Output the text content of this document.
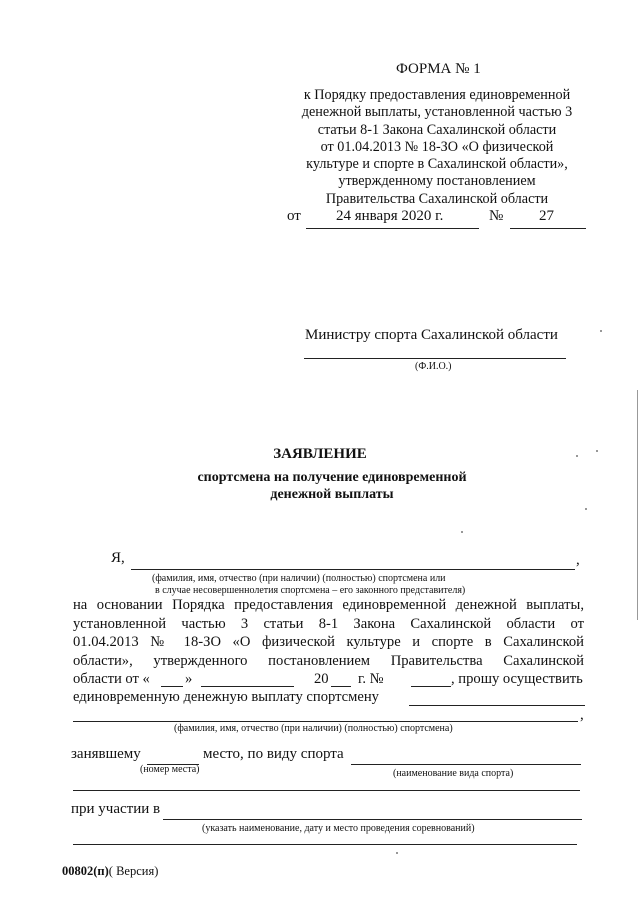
ФОРМА № 1
к Порядку предоставления единовременной
денежной выплаты, установленной частью 3
статьи 8-1 Закона Сахалинской области
от 01.04.2013 № 18-ЗО «О физической
культуре и спорте в Сахалинской области»,
утвержденному постановлением
Правительства Сахалинской области
от 24 января 2020 г.	№ 27
Министру спорта Сахалинской области
(Ф.И.О.)
ЗАЯВЛЕНИЕ
спортсмена на получение единовременной
денежной выплаты
Я,	,
(фамилия, имя, отчество (при наличии) (полностью) спортсмена или
в случае несовершеннолетия спортсмена – его законного представителя)
на основании Порядка предоставления единовременной денежной выплаты,
установленной частью 3 статьи 8-1 Закона Сахалинской области от
01.04.2013 № 18-ЗО «О физической культуре и спорте в Сахалинской
области», утвержденного постановлением Правительства Сахалинской
области от « »	20 г. №	, прошу осуществить
единовременную денежную выплату спортсмену
,
(фамилия, имя, отчество (при наличии) (полностью) спортсмена)
занявшему	место, по виду спорта
(номер места)	(наименование вида спорта)
при участии в
(указать наименование, дату и место проведения соревнований)
00802(п)( Версия)
